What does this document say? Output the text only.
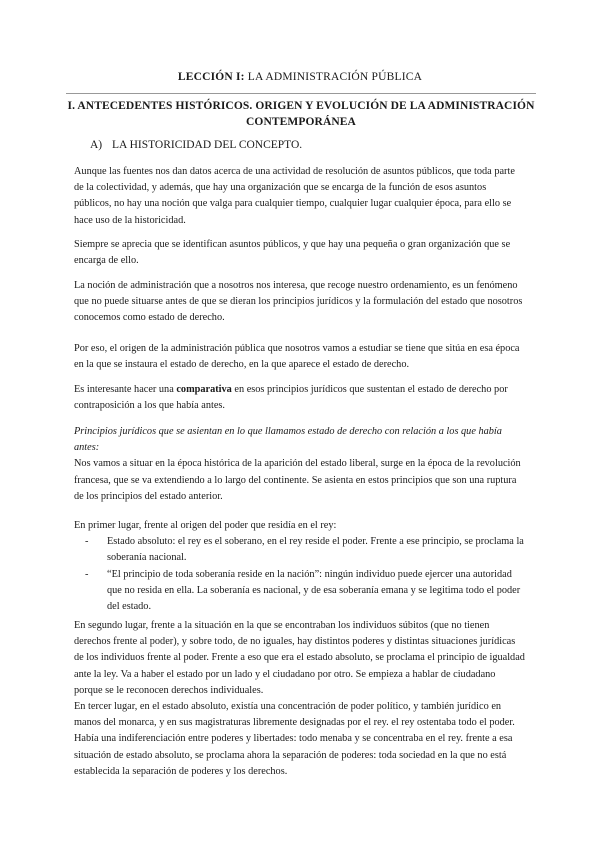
LECCIÓN I: LA ADMINISTRACIÓN PÚBLICA
I. ANTECEDENTES HISTÓRICOS. ORIGEN Y EVOLUCIÓN DE LA ADMINISTRACIÓN
CONTEMPORÁNEA
A) LA HISTORICIDAD DEL CONCEPTO.

Aunque las fuentes nos dan datos acerca de una actividad de resolución de asuntos públicos, que toda parte de la colectividad, y además, que hay una organización que se encarga de la función de esos asuntos públicos, no hay una noción que valga para cualquier tiempo, cualquier lugar cualquier época, para ello se hace uso de la historicidad.

Siempre se aprecia que se identifican asuntos públicos, y que hay una pequeña o gran organización que se encarga de ello.

La noción de administración que a nosotros nos interesa, que recoge nuestro ordenamiento, es un fenómeno que no puede situarse antes de que se dieran los principios jurídicos y la formulación del estado que nosotros conocemos como estado de derecho.

Por eso, el origen de la administración pública que nosotros vamos a estudiar se tiene que sitúa en esa época en la que se instaura el estado de derecho, en la que aparece el estado de derecho.

Es interesante hacer una comparativa en esos principios jurídicos que sustentan el estado de derecho por contraposición a los que había antes.

Principios jurídicos que se asientan en lo que llamamos estado de derecho con relación a los que había antes:

Nos vamos a situar en la época histórica de la aparición del estado liberal, surge en la época de la revolución francesa, que se va extendiendo a lo largo del continente. Se asienta en estos principios que son una ruptura de los principios del estado anterior.

En primer lugar, frente al origen del poder que residía en el rey:

- Estado absoluto: el rey es el soberano, en el rey reside el poder. Frente a ese principio, se proclama la soberanía nacional.
- “El principio de toda soberanía reside en la nación”: ningún individuo puede ejercer una autoridad que no resida en ella. La soberanía es nacional, y de esa soberanía emana y se legitima todo el poder del estado.

En segundo lugar, frente a la situación en la que se encontraban los individuos súbitos (que no tienen derechos frente al poder), y sobre todo, de no iguales, hay distintos poderes y distintas situaciones jurídicas de los individuos frente al poder. Frente a eso que era el estado absoluto, se proclama el principio de igualdad ante la ley. Va a haber el estado por un lado y el ciudadano por otro. Se empieza a hablar de ciudadano porque se le reconocen derechos individuales.

En tercer lugar, en el estado absoluto, existía una concentración de poder político, y también jurídico en manos del monarca, y en sus magistraturas libremente designadas por el rey. el rey ostentaba todo el poder. Había una indiferenciación entre poderes y libertades: todo menaba y se concentraba en el rey. frente a esa situación de estado absoluto, se proclama ahora la separación de poderes: toda sociedad en la que no está establecida la separación de poderes y los derechos.
